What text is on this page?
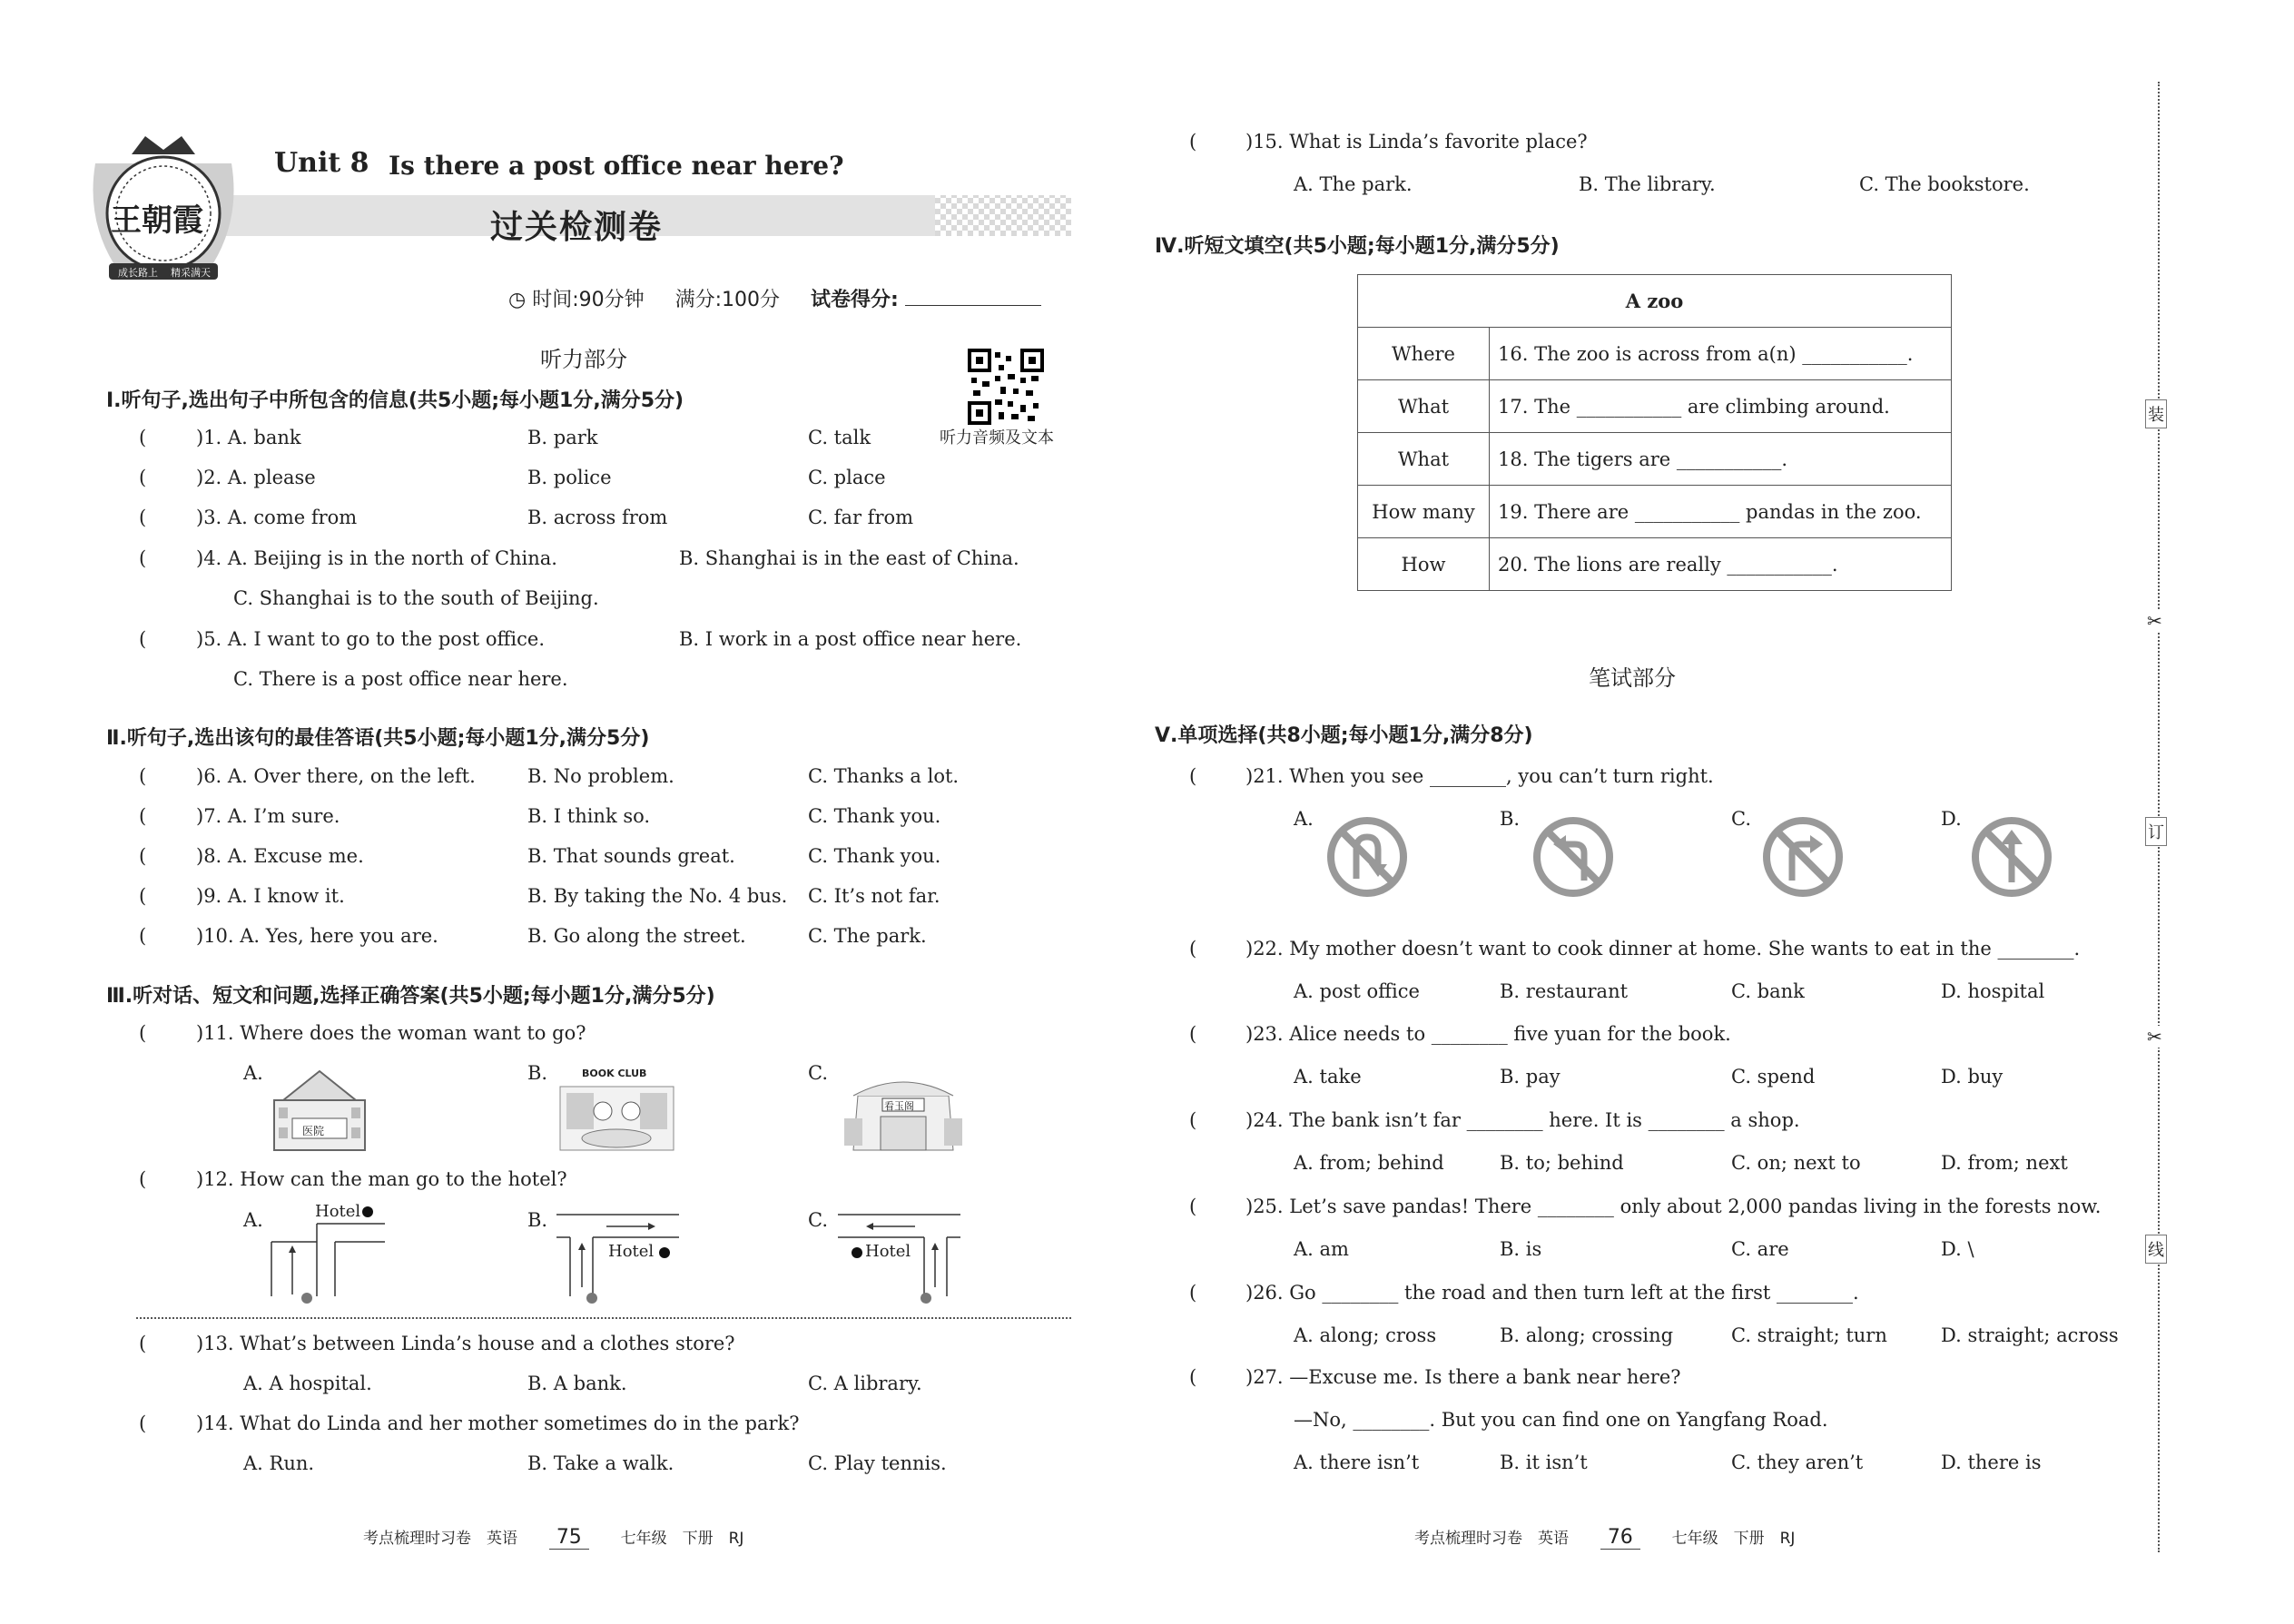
王朝霞
成长路上 精采满天
Unit 8 Is there a post office near here?
过关检测卷
◷ 时间:90分钟 满分:100分 试卷得分:
听力音频及文本
听力部分
Ⅰ.听句子,选出句子中所包含的信息(共5小题;每小题1分,满分5分)
(	)1. A. bank	B. park	C. talk
(	)2. A. please	B. police	C. place
(	)3. A. come from	B. across from	C. far from
(	)4. A. Beijing is in the north of China.	B. Shanghai is in the east of China.
C. Shanghai is to the south of Beijing.
(	)5. A. I want to go to the post office.	B. I work in a post office near here.
C. There is a post office near here.
Ⅱ.听句子,选出该句的最佳答语(共5小题;每小题1分,满分5分)
(	)6. A. Over there, on the left.	B. No problem.	C. Thanks a lot.
(	)7. A. I’m sure.	B. I think so.	C. Thank you.
(	)8. A. Excuse me.	B. That sounds great.	C. Thank you.
(	)9. A. I know it.	B. By taking the No. 4 bus. C. It’s not far.
(	)10. A. Yes, here you are.	B. Go along the street.	C. The park.
Ⅲ.听对话、短文和问题,选择正确答案(共5小题;每小题1分,满分5分)
(	)11. Where does the woman want to go?
A.	B.	C.
医院
BOOK CLUB
看玉阁
(	)12. How can the man go to the hotel?
A.	Hotel	B.
Hotel
C.
Hotel
(	)13. What’s between Linda’s house and a clothes store?
A. A hospital.	B. A bank.	C. A library.
(	)14. What do Linda and her mother sometimes do in the park?
A. Run.	B. Take a walk.	C. Play tennis.
考点梳理时习卷　英语 75	七年级　下册　RJ
(	)15. What is Linda’s favorite place?
A. The park.	B. The library.	C. The bookstore.
Ⅳ.听短文填空(共5小题;每小题1分,满分5分)
A zoo	
Where	16. The zoo is across from a(n) ___________.
What	17. The ___________ are climbing around.
What	18. The tigers are ___________.
How many	19. There are ___________ pandas in the zoo.
How	20. The lions are really ___________.
笔试部分
Ⅴ.单项选择(共8小题;每小题1分,满分8分)
(	)21. When you see ________, you can’t turn right.
A.	B.	C.	D.
(	)22. My mother doesn’t want to cook dinner at home. She wants to eat in the ________.
A. post office	B. restaurant	C. bank	D. hospital
(	)23. Alice needs to ________ five yuan for the book.
A. take	B. pay	C. spend	D. buy
(	)24. The bank isn’t far ________ here. It is ________ a shop.
A. from; behind	B. to; behind	C. on; next to	D. from; next
(	)25. Let’s save pandas! There ________ only about 2,000 pandas living in the forests now.
A. am	B. is	C. are	D. \
(	)26. Go ________ the road and then turn left at the first ________.
A. along; cross	B. along; crossing	C. straight; turn	D. straight; across
(	)27. —Excuse me. Is there a bank near here?
—No, ________. But you can find one on Yangfang Road.
A. there isn’t	B. it isn’t	C. they aren’t	D. there is
考点梳理时习卷　英语 76	七年级　下册　RJ
装
✂
订
✂
线
